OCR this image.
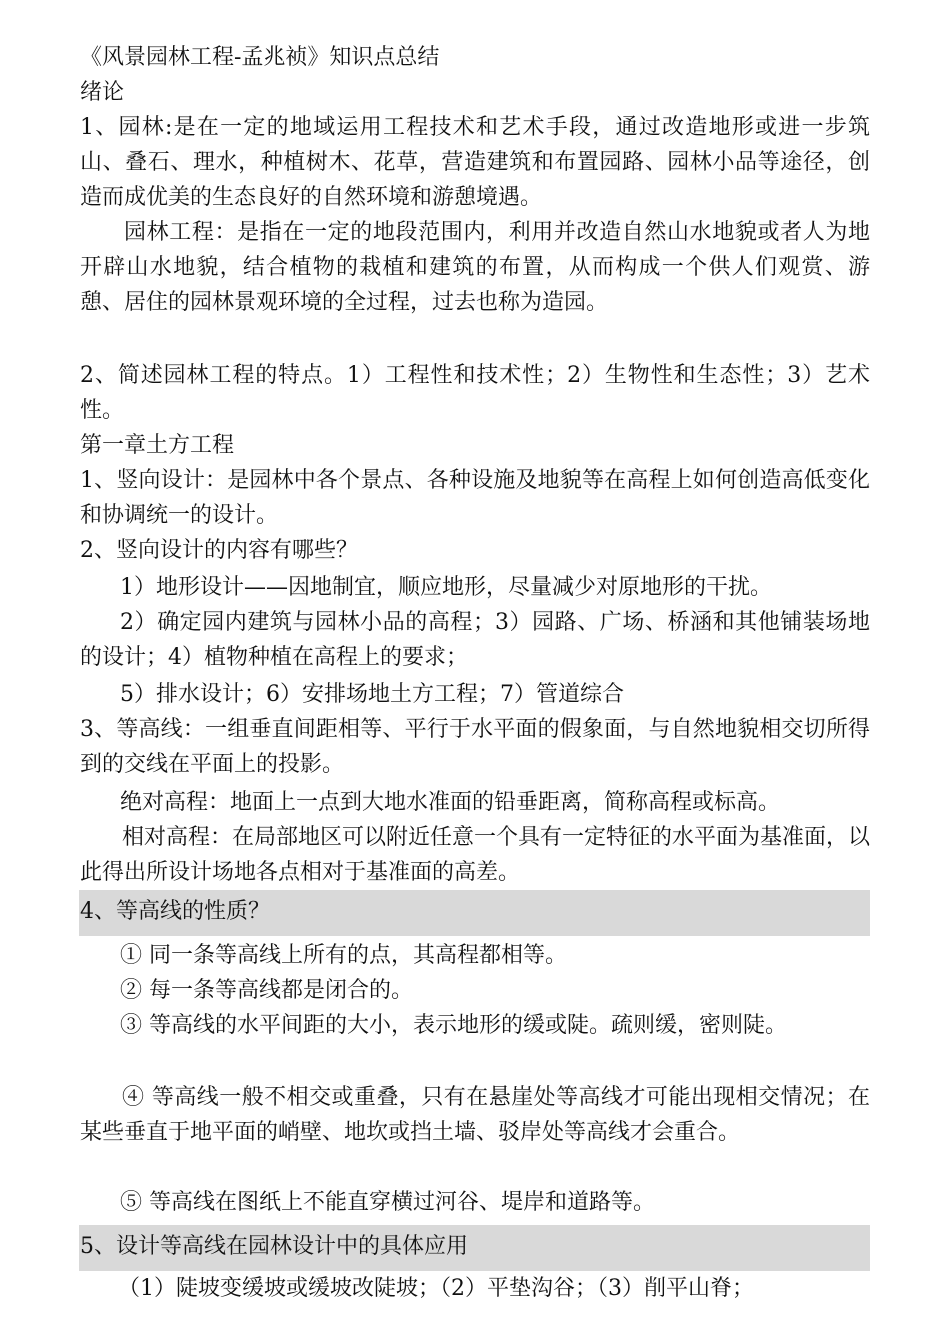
《风景园林工程-孟兆祯》知识点总结

绪论

1、园林:是在一定的地域运用工程技术和艺术手段，通过改造地形或进一步筑山、叠石、理水，种植树木、花草，营造建筑和布置园路、园林小品等途径，创造而成优美的生态良好的自然环境和游憩境遇。

园林工程：是指在一定的地段范围内，利用并改造自然山水地貌或者人为地开辟山水地貌，结合植物的栽植和建筑的布置，从而构成一个供人们观赏、游憩、居住的园林景观环境的全过程，过去也称为造园。

2、简述园林工程的特点。1）工程性和技术性；2）生物性和生态性；3）艺术性。

第一章土方工程

1、竖向设计：是园林中各个景点、各种设施及地貌等在高程上如何创造高低变化和协调统一的设计。

2、竖向设计的内容有哪些？

1）地形设计——因地制宜，顺应地形，尽量减少对原地形的干扰。

2）确定园内建筑与园林小品的高程；3）园路、广场、桥涵和其他铺装场地的设计；4）植物种植在高程上的要求；

5）排水设计；6）安排场地土方工程；7）管道综合

3、等高线：一组垂直间距相等、平行于水平面的假象面，与自然地貌相交切所得到的交线在平面上的投影。

绝对高程：地面上一点到大地水准面的铅垂距离，简称高程或标高。

相对高程：在局部地区可以附近任意一个具有一定特征的水平面为基准面，以此得出所设计场地各点相对于基准面的高差。

4、等高线的性质？

① 同一条等高线上所有的点，其高程都相等。

② 每一条等高线都是闭合的。

③ 等高线的水平间距的大小，表示地形的缓或陡。疏则缓，密则陡。

④ 等高线一般不相交或重叠，只有在悬崖处等高线才可能出现相交情况；在某些垂直于地平面的峭壁、地坎或挡土墙、驳岸处等高线才会重合。

⑤ 等高线在图纸上不能直穿横过河谷、堤岸和道路等。

5、设计等高线在园林设计中的具体应用

（1）陡坡变缓坡或缓坡改陡坡；（2）平垫沟谷；（3）削平山脊；
